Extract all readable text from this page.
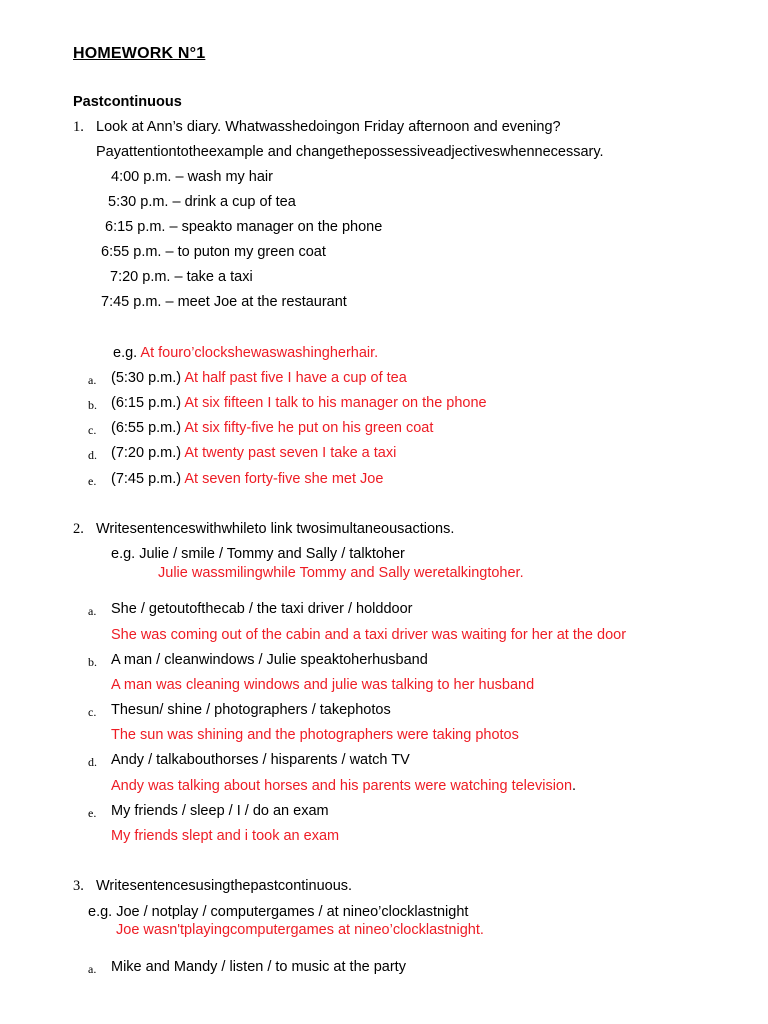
HOMEWORK N°1
Pastcontinuous
1. Look at Ann’s diary. Whatwasshedoingon Friday afternoon and evening?
Payattentiontotheexample and changethepossessiveadjectiveswhennecessary.
4:00 p.m. – wash my hair
5:30 p.m. – drink a cup of tea
6:15 p.m. – speakto manager on the phone
6:55 p.m. – to puton my green coat
7:20 p.m. – take a taxi
7:45 p.m. – meet Joe at the restaurant
e.g. At fouro’clockshewaswashingherhair.
a. (5:30 p.m.) At half past five I have a cup of tea
b. (6:15 p.m.) At six fifteen I talk to his manager on the phone
c. (6:55 p.m.) At six fifty-five he put on his green coat
d. (7:20 p.m.) At twenty past seven I take a taxi
e. (7:45 p.m.) At seven forty-five she met Joe
2. Writesentenceswithwhileto link twosimultaneousactions.
e.g. Julie / smile / Tommy and Sally / talktoher
Julie wassmilingwhile Tommy and Sally weretalkingtoher.
a. She / getoutofthecab / the taxi driver / holddoor
She was coming out of the cabin and a taxi driver was waiting for her at the door
b. A man / cleanwindows / Julie speaktoherhusband
A man was cleaning windows and julie was talking to her husband
c. Thesun/ shine / photographers / takephotos
The sun was shining and the photographers were taking photos
d. Andy / talkabouthorses / hisparents / watch TV
Andy was talking about horses and his parents were watching television.
e. My friends / sleep / I / do an exam
My friends slept and i took an exam
3. Writesentencesusingthepastcontinuous.
e.g. Joe / notplay / computergames / at nineo’clocklastnight
Joe wasn'tplayingcomputergames at nineo’clocklastnight.
a. Mike and Mandy / listen / to music at the party
